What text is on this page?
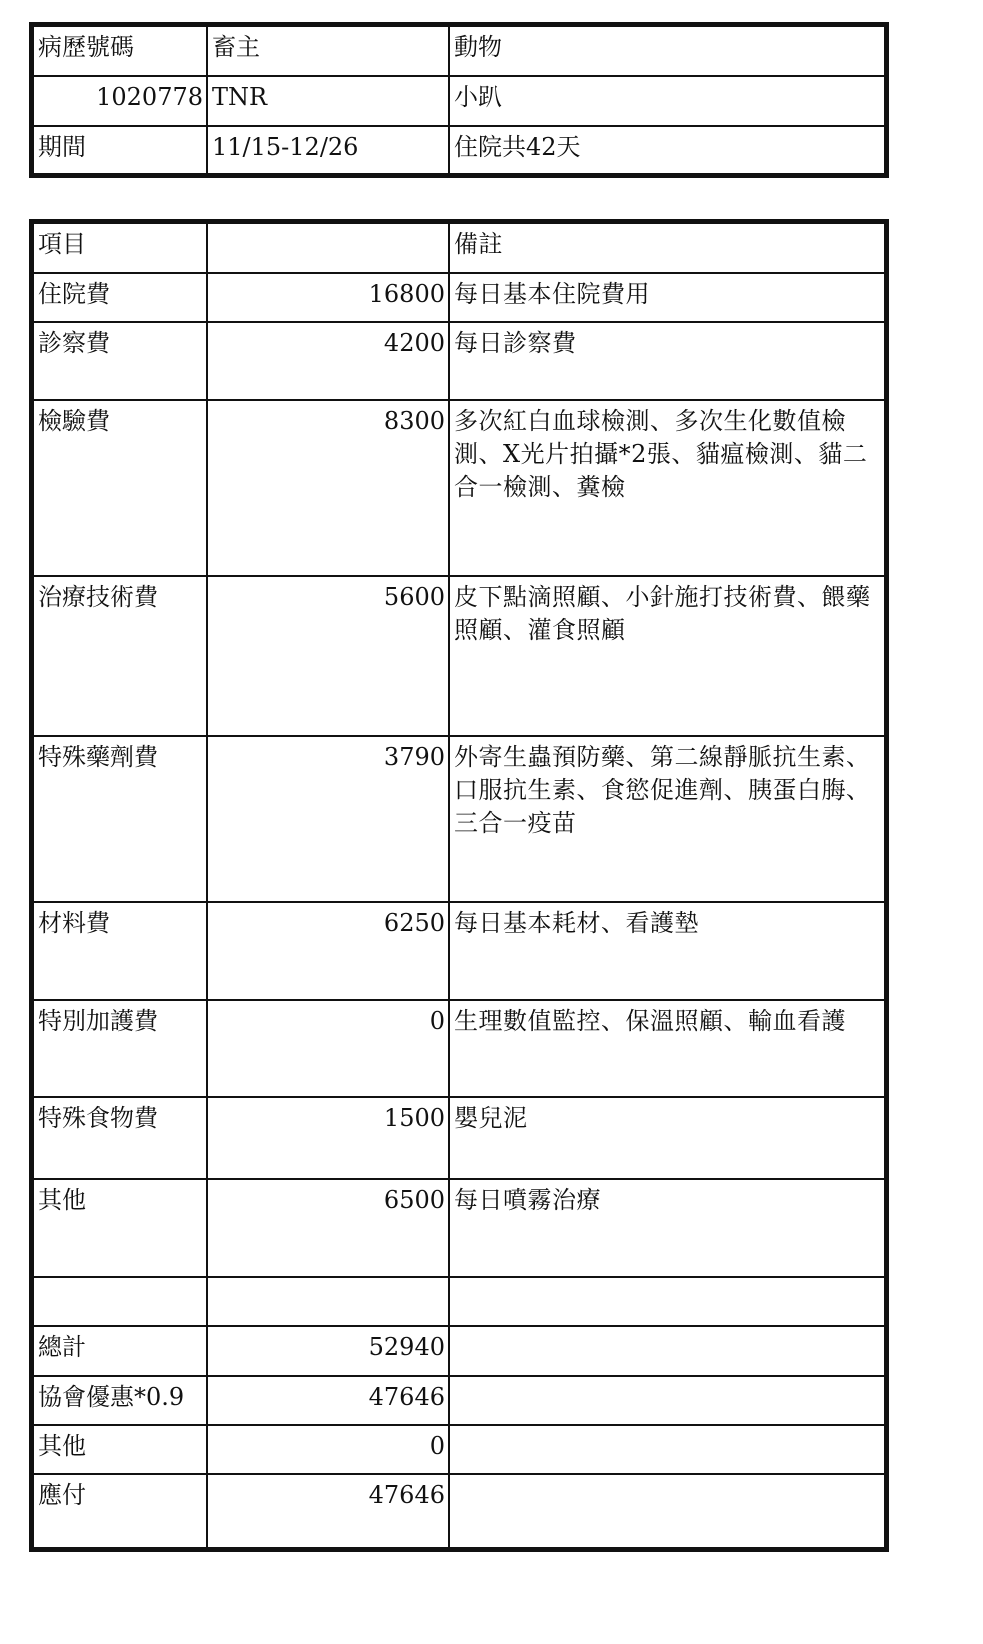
病歷號碼	畜主	動物
1020778	TNR	小趴
期間	11/15-12/26	住院共42天
項目		備註
住院費	16800	每日基本住院費用
診察費	4200	每日診察費
檢驗費	8300	多次紅白血球檢測、多次生化數值檢測、X光片拍攝*2張、貓瘟檢測、貓二合一檢測、糞檢
治療技術費	5600	皮下點滴照顧、小針施打技術費、餵藥照顧、灌食照顧
特殊藥劑費	3790	外寄生蟲預防藥、第二線靜脈抗生素、口服抗生素、食慾促進劑、胰蛋白脢、三合一疫苗
材料費	6250	每日基本耗材、看護墊
特別加護費	0	生理數值監控、保溫照顧、輸血看護
特殊食物費	1500	嬰兒泥
其他	6500	每日噴霧治療

總計	52940	
協會優惠*0.9	47646	
其他	0	
應付	47646	
